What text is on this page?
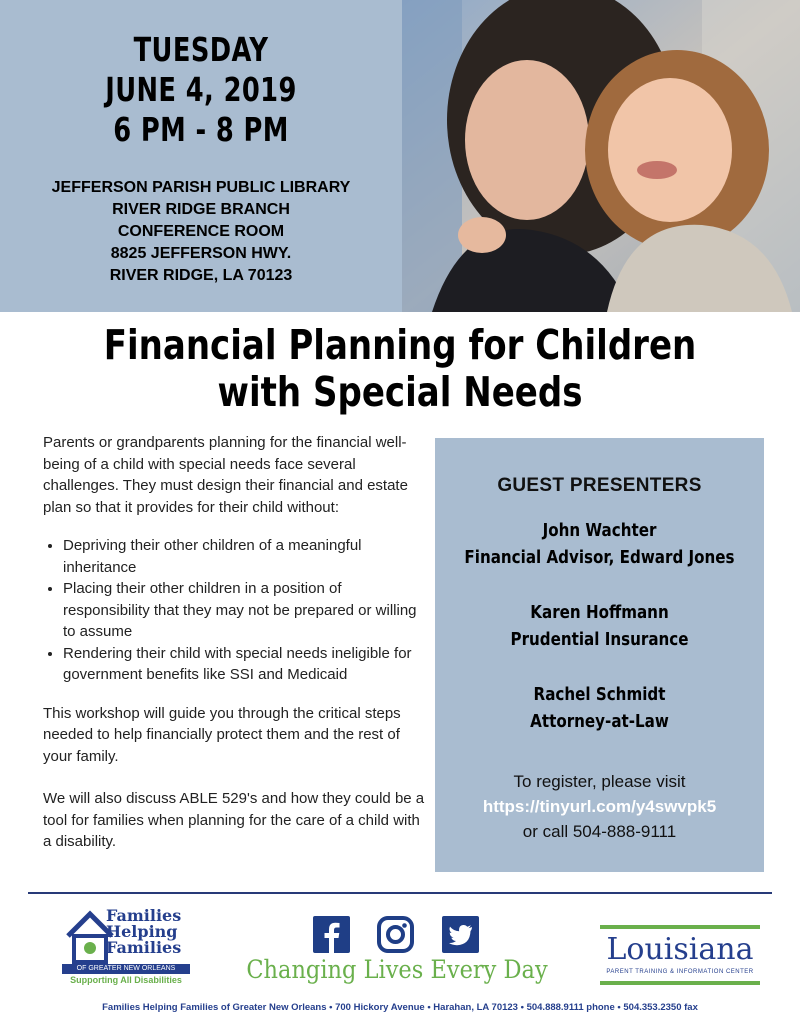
TUESDAY
JUNE 4, 2019
6 PM - 8 PM
JEFFERSON PARISH PUBLIC LIBRARY
RIVER RIDGE BRANCH
CONFERENCE ROOM
8825 JEFFERSON HWY.
RIVER RIDGE, LA 70123
Financial Planning for Children
with Special Needs

Parents or grandparents planning for the financial well-being of a child with special needs face several challenges. They must design their financial and estate plan so that it provides for their child without:

• Depriving their other children of a meaningful inheritance
• Placing their other children in a position of responsibility that they may not be prepared or willing to assume
• Rendering their child with special needs ineligible for government benefits like SSI and Medicaid

This workshop will guide you through the critical steps needed to help financially protect them and the rest of your family.

We will also discuss ABLE 529's and how they could be a tool for families when planning for the care of a child with a disability.

GUEST PRESENTERS
John Wachter
Financial Advisor, Edward Jones
Karen Hoffmann
Prudential Insurance
Rachel Schmidt
Attorney-at-Law
To register, please visit
https://tinyurl.com/y4swvpk5
or call 504-888-9111
Families Helping Families
OF GREATER NEW ORLEANS
Supporting All Disabilities	Changing Lives Every Day
Louisiana
PARENT TRAINING & INFORMATION CENTER
Families Helping Families of Greater New Orleans • 700 Hickory Avenue • Harahan, LA 70123 • 504.888.9111 phone • 504.353.2350 fax
